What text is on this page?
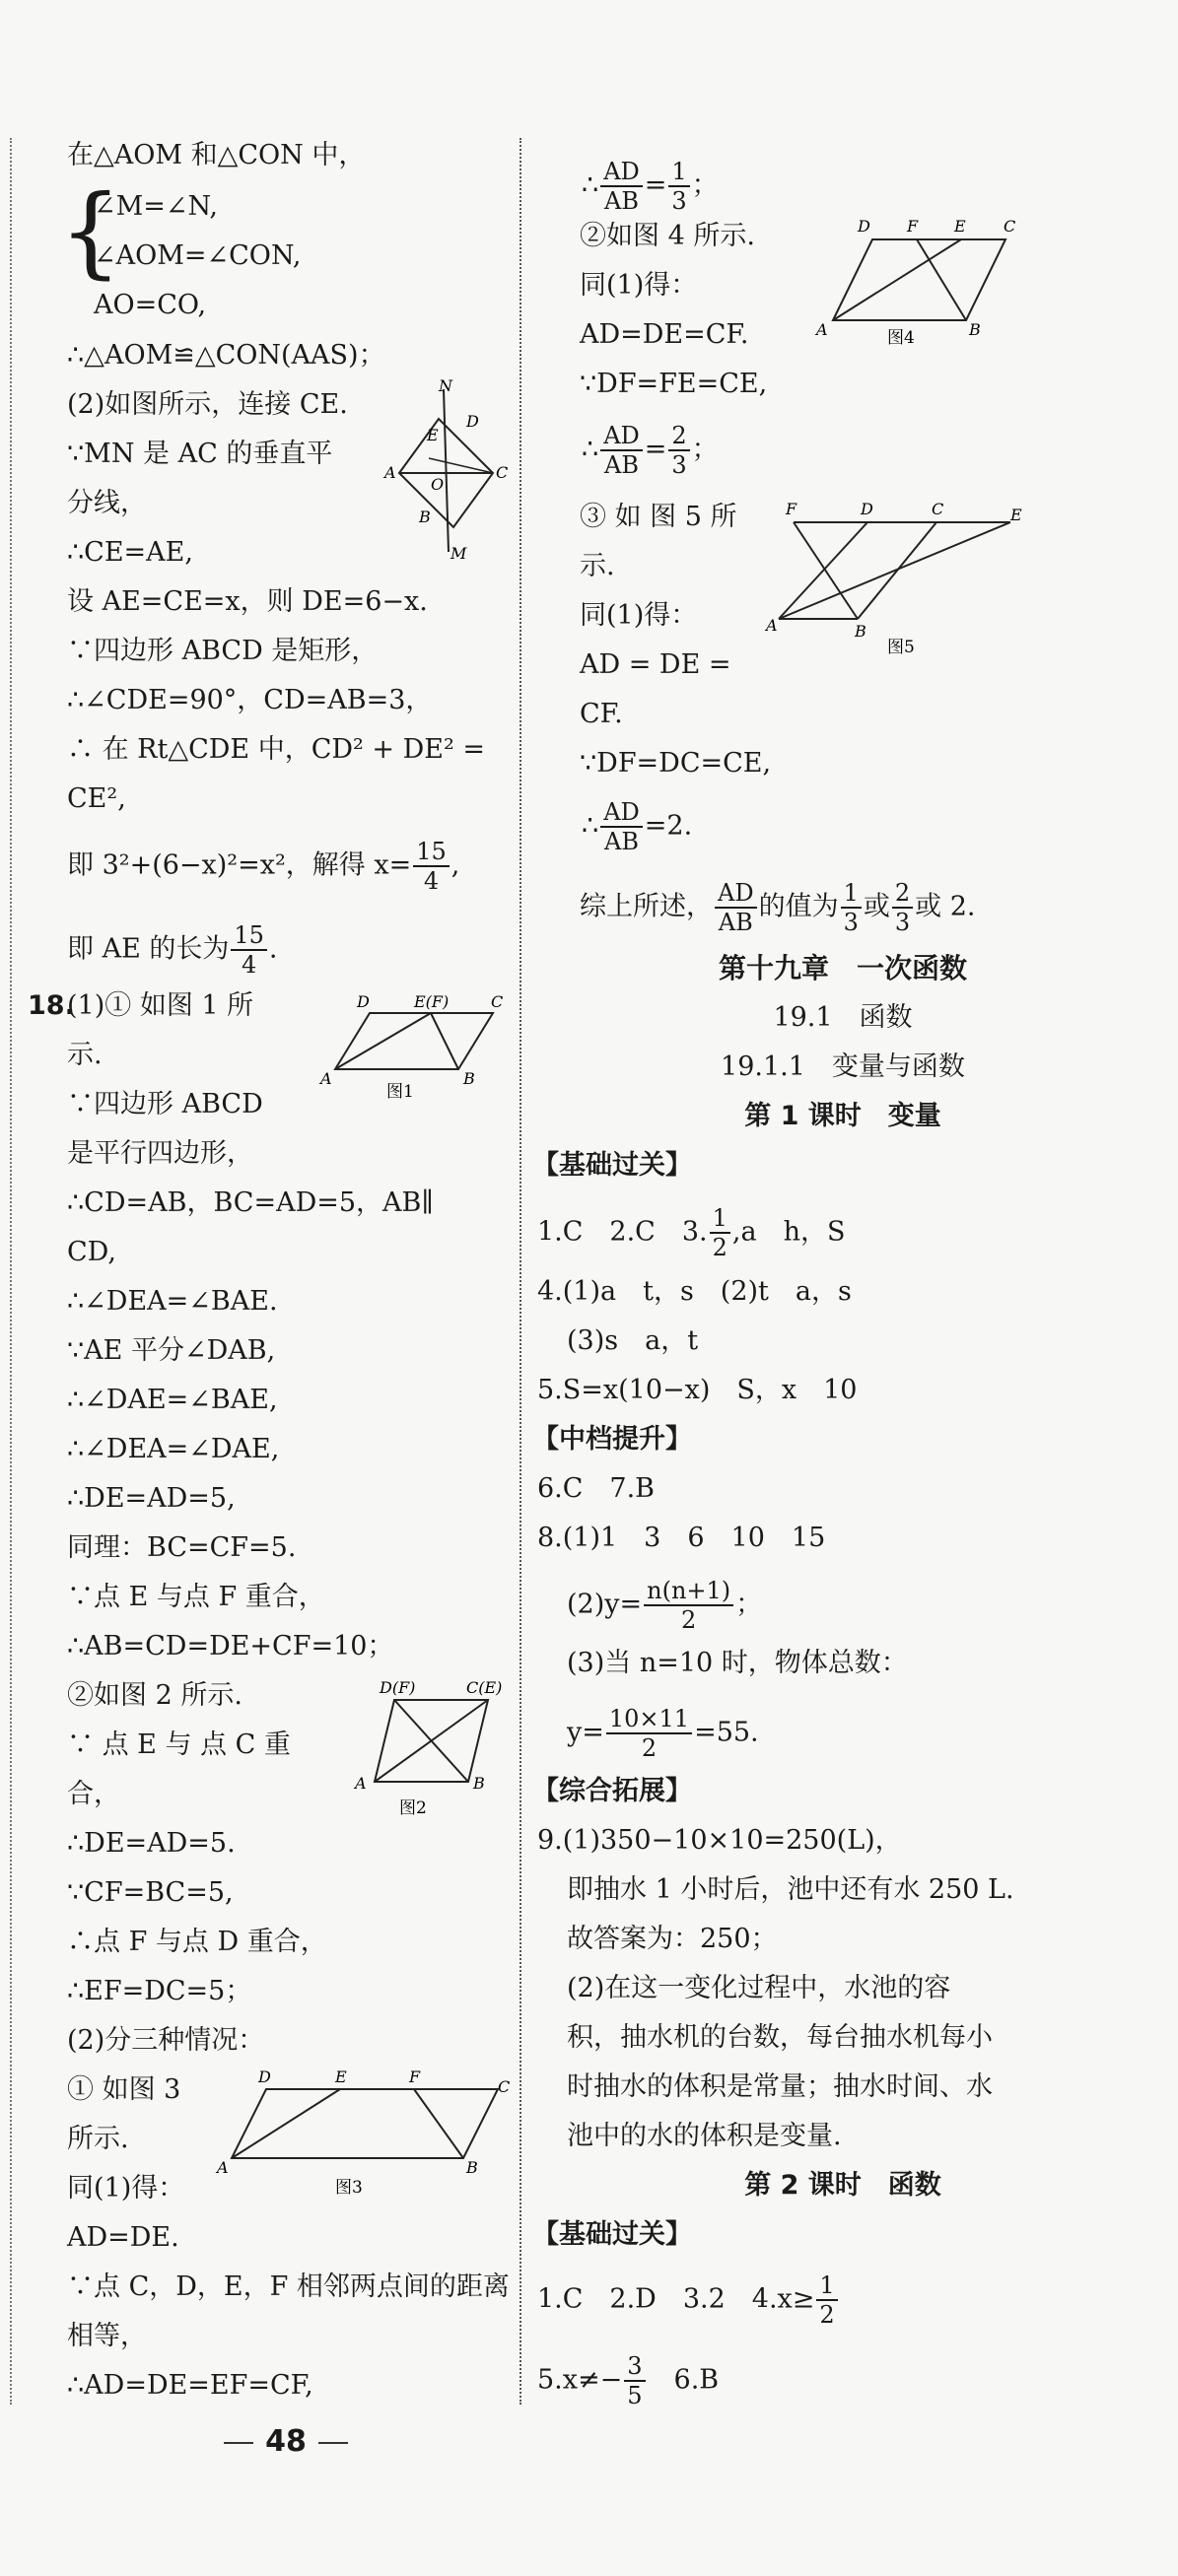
在△AOM 和△CON 中，
{
∠M=∠N,
∠AOM=∠CON,
AO=CO,
∴△AOM≌△CON(AAS)；
(2)如图所示，连接 CE.
∵MN 是 AC 的垂直平
分线，
∴CE=AE,
设 AE=CE=x，则 DE=6−x.
∵四边形 ABCD 是矩形，
∴∠CDE=90°，CD=AB=3，
∴ 在 Rt△CDE 中，CD² + DE² =
CE²,
即 3²+(6−x)²=x²，解得 $x= \frac{15}{4}$ ,
即 AE 的长为 $\frac{15}{4}$ .
N
D
E
A
O
C
B
M
18.
(1)① 如图 1 所
示.
∵四边形 ABCD
是平行四边形，
∴CD=AB，BC=AD=5，AB∥
CD,
∴∠DEA=∠BAE.
∵AE 平分∠DAB,
∴∠DAE=∠BAE,
∴∠DEA=∠DAE,
∴DE=AD=5,
同理：BC=CF=5.
∵点 E 与点 F 重合，
∴AB=CD=DE+CF=10；
②如图 2 所示.
∵ 点 E 与 点 C 重
合，
∴DE=AD=5.
∵CF=BC=5,
∴点 F 与点 D 重合，
∴EF=DC=5；
(2)分三种情况：
① 如图 3
所示.
同(1)得：
AD=DE.
∵点 C，D，E，F 相邻两点间的距离
相等，
∴AD=DE=EF=CF,
D	E(F)	C
A	B
图1
D(F)	C(E)
A	B
图2
D	E	F
C
A	B
图3
∴ $\frac{AD}{AB} = \frac{1}{3}$ ；
②如图 4 所示.
同(1)得：
AD=DE=CF.
∵DF=FE=CE,
∴ $\frac{AD}{AB} = \frac{2}{3}$ ；
③ 如 图 5 所
示.
同(1)得：
AD = DE =
CF.
∵DF=DC=CE,
∴ $\frac{AD}{AB} =2$.
综上所述， $\frac{AD}{AB}$ 的值为 $\frac{1}{3}$ 或 $\frac{2}{3}$ 或 2.
第十九章　一次函数
19.1　函数
19.1.1　变量与函数
第 1 课时　变量
【基础过关】
1.C　2.C　3. $\frac{1}{2} ,a$　h，S
4.(1)a　t，s　(2)t　a，s
(3)s　a，t
5.S=x(10−x)　S，x　10
【中档提升】
6.C　7.B
8.(1)1　3　6　10　15
$(2)y= \frac{n(n+1)}{2}$ ；
(3)当 n=10 时，物体总数：
$y= \frac{10\times 11}{2} =55$.
【综合拓展】
9.(1)350−10×10=250(L)，
即抽水 1 小时后，池中还有水 250 L.
故答案为：250；
(2)在这一变化过程中，水池的容
积，抽水机的台数，每台抽水机每小
时抽水的体积是常量；抽水时间、水
池中的水的体积是变量.
第 2 课时　函数
【基础过关】
1.C　2.D　3.2　$4.x\ge \frac{1}{2}$
$5.x\ne- \frac{3}{5}$ 　6.B
D F E C
A	B
图4
F	D	C	E
A	B
图5
48
